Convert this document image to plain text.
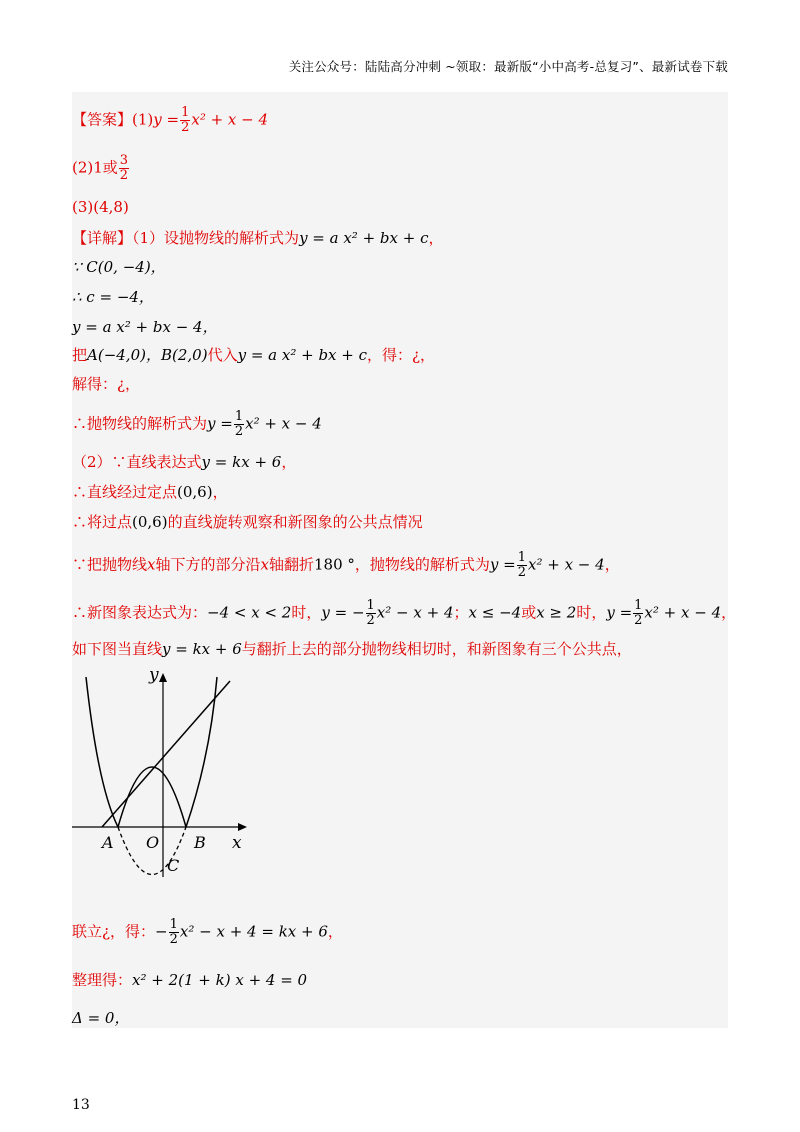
关注公众号：陆陆高分冲刺 ~领取：最新版“小中高考-总复习”、最新试卷下载
【答案】$(1)y = \frac{1}{2} x^2 + x - 4$
(2)1或 $\frac{3}{2}$
(3)(4,8)
【详解】（1）设抛物线的解析式为y = a x² + bx + c，
∵ C(0, −4)，
∴ c = −4，
y = a x² + bx − 4，
把A(−4,0)，B(2,0)代入y = a x² + bx + c，得：¿，
解得：¿，
∴抛物线的解析式为$y = \frac{1}{2} x^2 + x - 4$
（2）∵直线表达式y = kx + 6，
∴直线经过定点(0,6)，
∴将过点(0,6)的直线旋转观察和新图象的公共点情况
∵把抛物线x轴下方的部分沿x轴翻折180 °，抛物线的解析式为$y = \frac{1}{2} x^2 + x - 4$，
∴新图象表达式为：−4 < x < 2时，y = − $\frac{1}{2} x^2 - x + 4$；x ≤ −4或x ≥ 2时，$y = \frac{1}{2} x^2 + x - 4$，
如下图当直线y = kx + 6与翻折上去的部分抛物线相切时，和新图象有三个公共点，
y
x
A O B
C
联立¿，得：− $\frac{1}{2} x^2 - x + 4$ = kx + 6，
整理得：x² + 2(1 + k) x + 4 = 0
Δ = 0，
13
